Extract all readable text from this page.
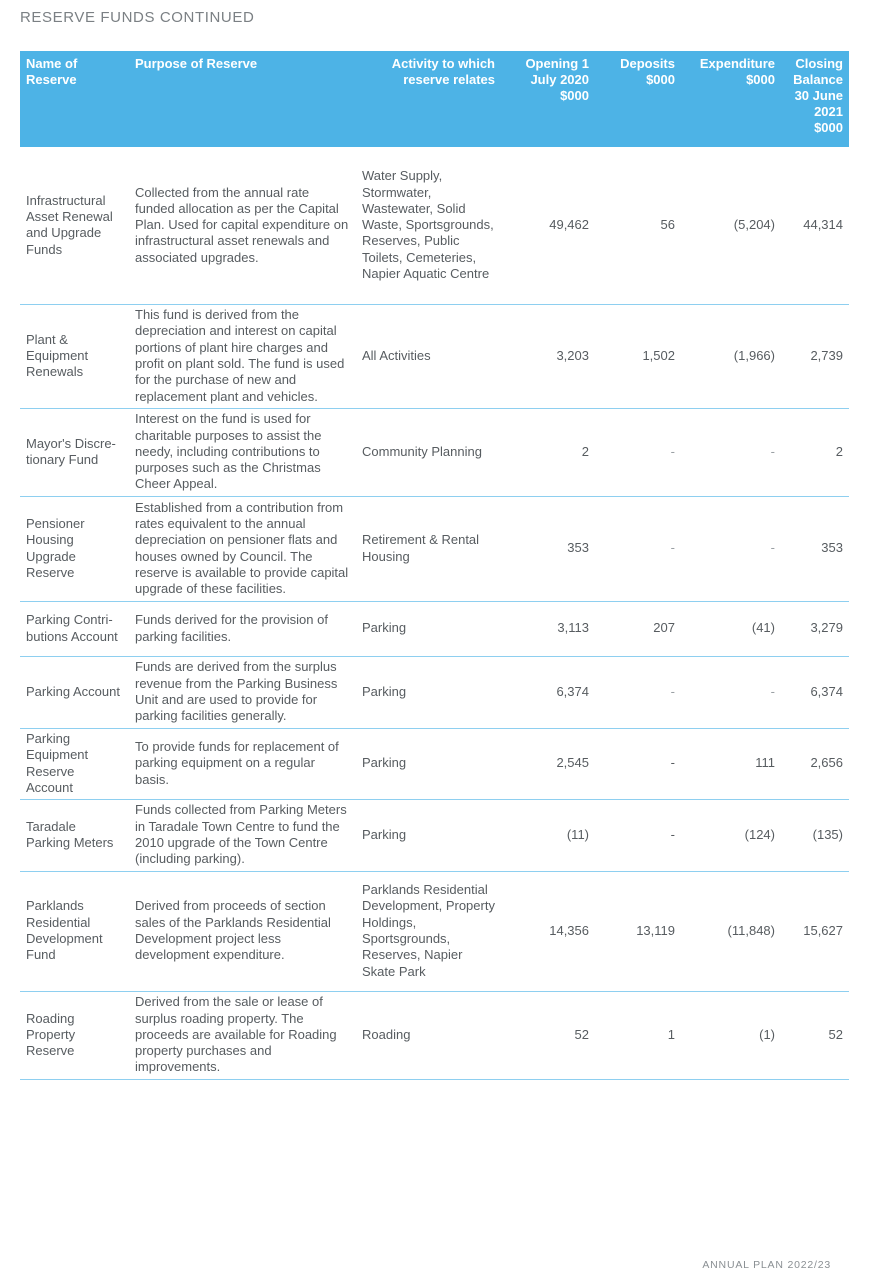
RESERVE FUNDS CONTINUED
Name of Reserve	Purpose of Reserve	Activity to which reserve relates	Opening 1 July 2020 $000	Deposits $000	Expenditure $000	Closing Balance 30 June 2021 $000
Infrastructural Asset Renewal and Upgrade Funds	Collected from the annual rate funded allocation as per the Capital Plan. Used for capital expenditure on infrastructural asset renewals and associated upgrades.	Water Supply, Stormwater, Wastewater, Solid Waste, Sportsgrounds, Reserves, Public Toilets, Cemeteries, Napier Aquatic Centre	49,462	56	(5,204)	44,314
Plant & Equipment Renewals	This fund is derived from the depreciation and interest on capital portions of plant hire charges and profit on plant sold. The fund is used for the purchase of new and replacement plant and vehicles.	All Activities	3,203	1,502	(1,966)	2,739
Mayor's Discre-tionary Fund	Interest on the fund is used for charitable purposes to assist the needy, including contributions to purposes such as the Christmas Cheer Appeal.	Community Planning	2	-	-	2
Pensioner Housing Upgrade Reserve	Established from a contribution from rates equivalent to the annual depreciation on pensioner flats and houses owned by Council. The reserve is available to provide capital upgrade of these facilities.	Retirement & Rental Housing	353	-	-	353
Parking Contri-butions Account	Funds derived for the provision of parking facilities.	Parking	3,113	207	(41)	3,279
Parking Account	Funds are derived from the surplus revenue from the Parking Business Unit and are used to provide for parking facilities generally.	Parking	6,374	-	-	6,374
Parking Equipment Reserve Account	To provide funds for replacement of parking equipment on a regular basis.	Parking	2,545	-	111	2,656
Taradale Parking Meters	Funds collected from Parking Meters in Taradale Town Centre to fund the 2010 upgrade of the Town Centre (including parking).	Parking	(11)	-	(124)	(135)
Parklands Residential Development Fund	Derived from proceeds of section sales of the Parklands Residential Development project less development expenditure.	Parklands Residential Development, Property Holdings, Sportsgrounds, Reserves, Napier Skate Park	14,356	13,119	(11,848)	15,627
Roading Property Reserve	Derived from the sale or lease of surplus roading property. The proceeds are available for Roading property purchases and improvements.	Roading	52	1	(1)	52
ANNUAL PLAN 2022/23
